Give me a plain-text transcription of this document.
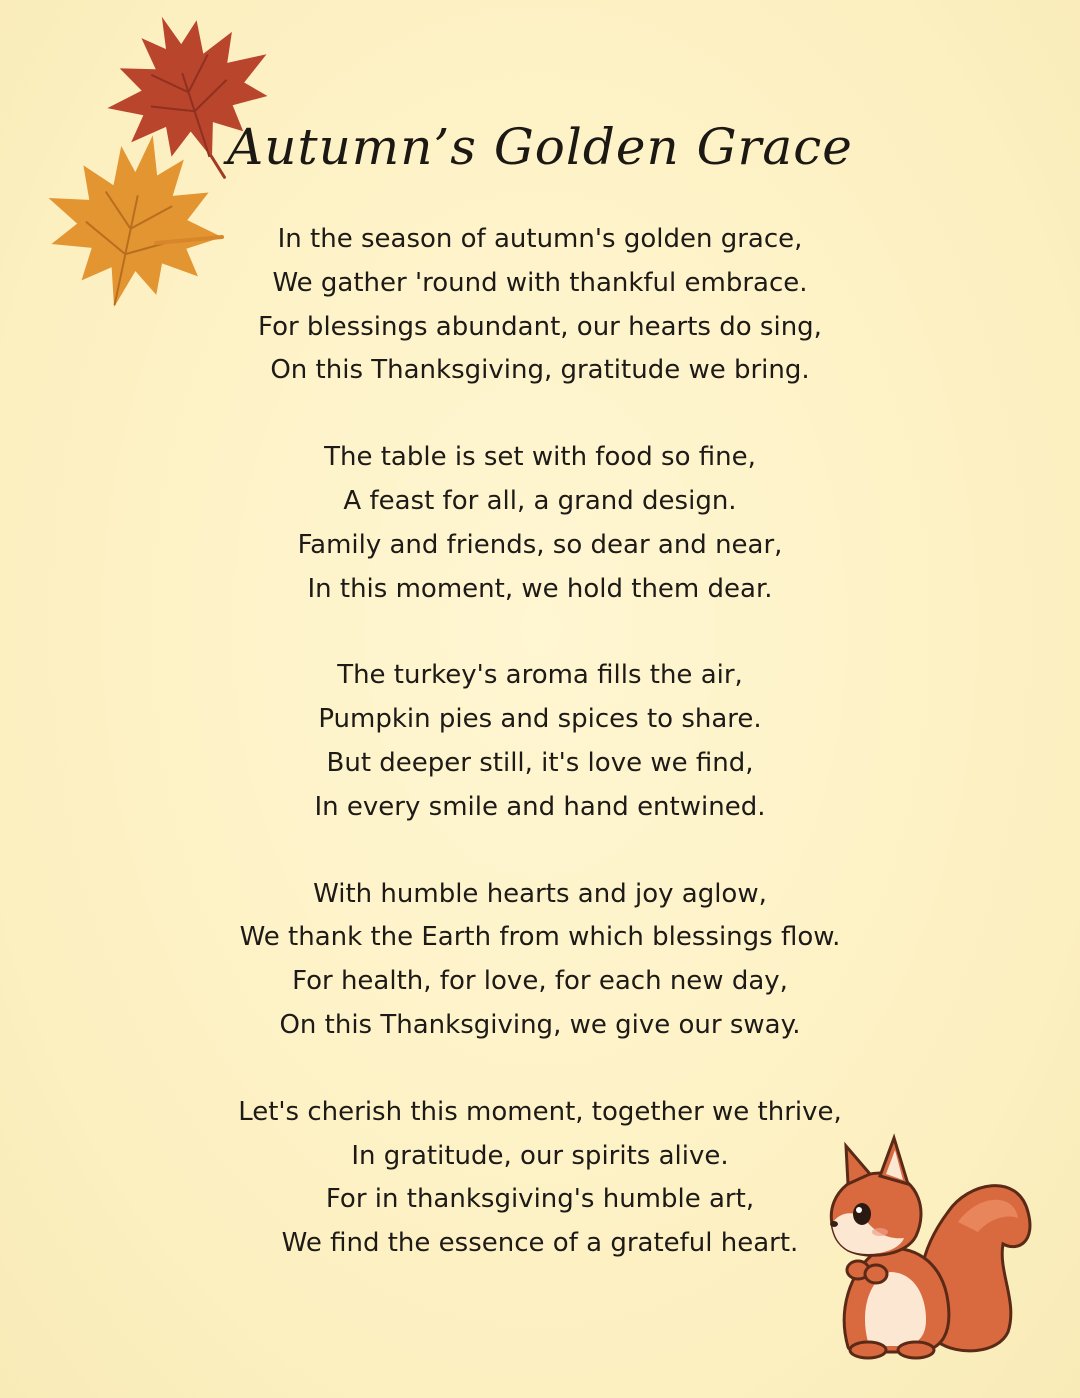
Autumn’s Golden Grace
In the season of autumn's golden grace,
We gather 'round with thankful embrace.
For blessings abundant, our hearts do sing,
On this Thanksgiving, gratitude we bring.
The table is set with food so fine,
A feast for all, a grand design.
Family and friends, so dear and near,
In this moment, we hold them dear.
The turkey's aroma fills the air,
Pumpkin pies and spices to share.
But deeper still, it's love we find,
In every smile and hand entwined.
With humble hearts and joy aglow,
We thank the Earth from which blessings flow.
For health, for love, for each new day,
On this Thanksgiving, we give our sway.
Let's cherish this moment, together we thrive,
In gratitude, our spirits alive.
For in thanksgiving's humble art,
We find the essence of a grateful heart.
